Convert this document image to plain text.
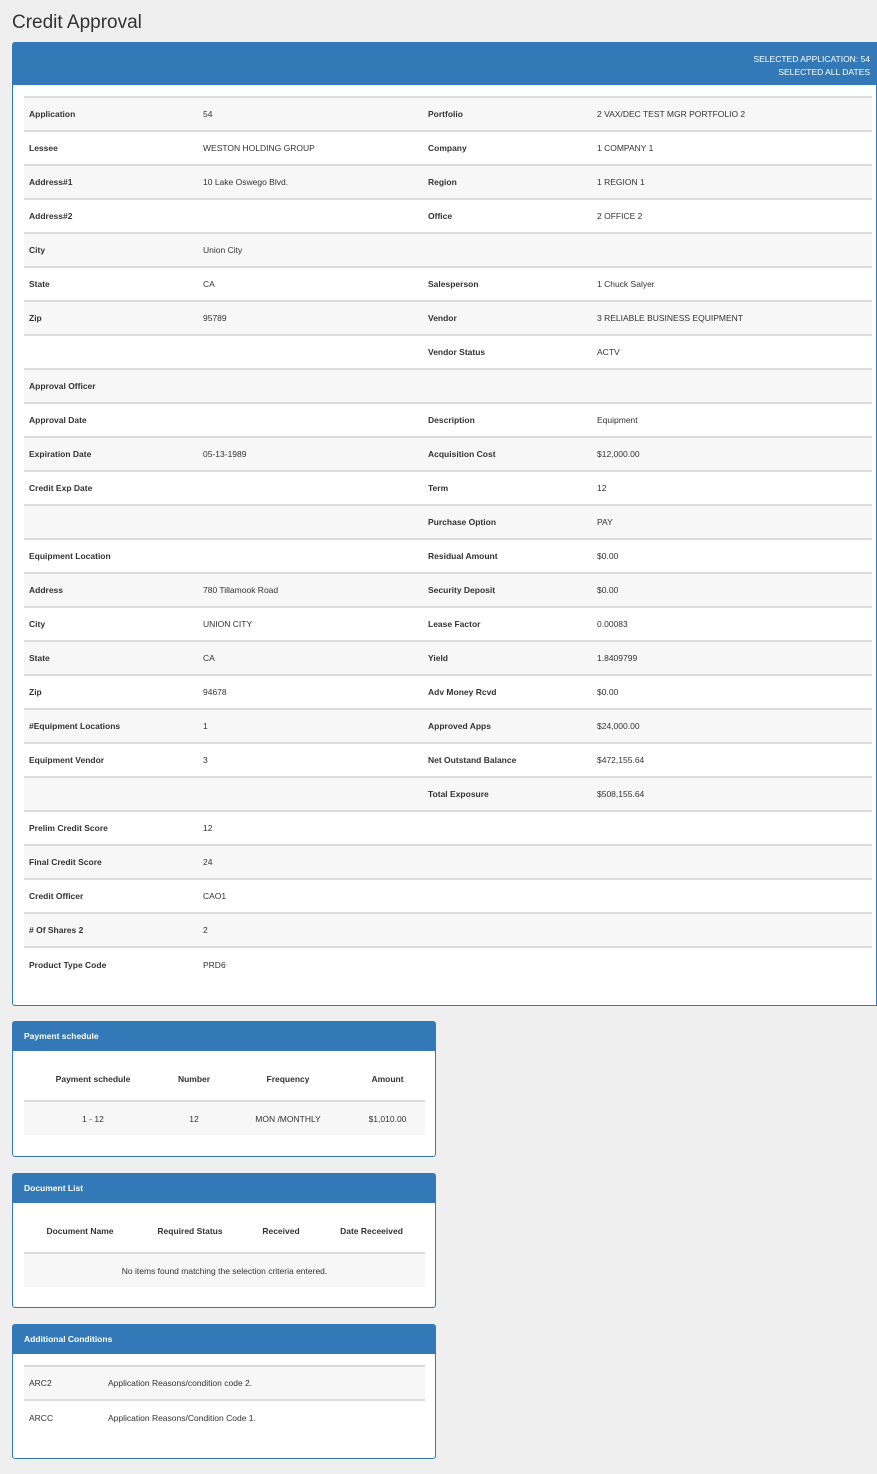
Credit Approval
SELECTED APPLICATION: 54
SELECTED ALL DATES
Application	54	Portfolio	2 VAX/DEC TEST MGR PORTFOLIO 2
Lessee	WESTON HOLDING GROUP	Company	1 COMPANY 1
Address#1	10 Lake Oswego Blvd.	Region	1 REGION 1
Address#2		Office	2 OFFICE 2
City	Union City		
State	CA	Salesperson	1 Chuck Salyer
Zip	95789	Vendor	3 RELIABLE BUSINESS EQUIPMENT
		Vendor Status	ACTV
Approval Officer			
Approval Date		Description	Equipment
Expiration Date	05-13-1989	Acquisition Cost	$12,000.00
Credit Exp Date		Term	12
		Purchase Option	PAY
Equipment Location		Residual Amount	$0.00
Address	780 Tillamook Road	Security Deposit	$0.00
City	UNION CITY	Lease Factor	0.00083
State	CA	Yield	1.8409799
Zip	94678	Adv Money Rcvd	$0.00
#Equipment Locations	1	Approved Apps	$24,000.00
Equipment Vendor	3	Net Outstand Balance	$472,155.64
		Total Exposure	$508,155.64
Prelim Credit Score	12		
Final Credit Score	24		
Credit Officer	CAO1		
# Of Shares 2	2		
Product Type Code	PRD6		
Payment schedule
Payment schedule	Number	Frequency	Amount
1 - 12	12	MON /MONTHLY	$1,010.00
Document List
Document Name	Required Status	Received	Date Receeived
No items found matching the selection criteria entered.
Additional Conditions
ARC2	Application Reasons/condition code 2.
ARCC	Application Reasons/Condition Code 1.
